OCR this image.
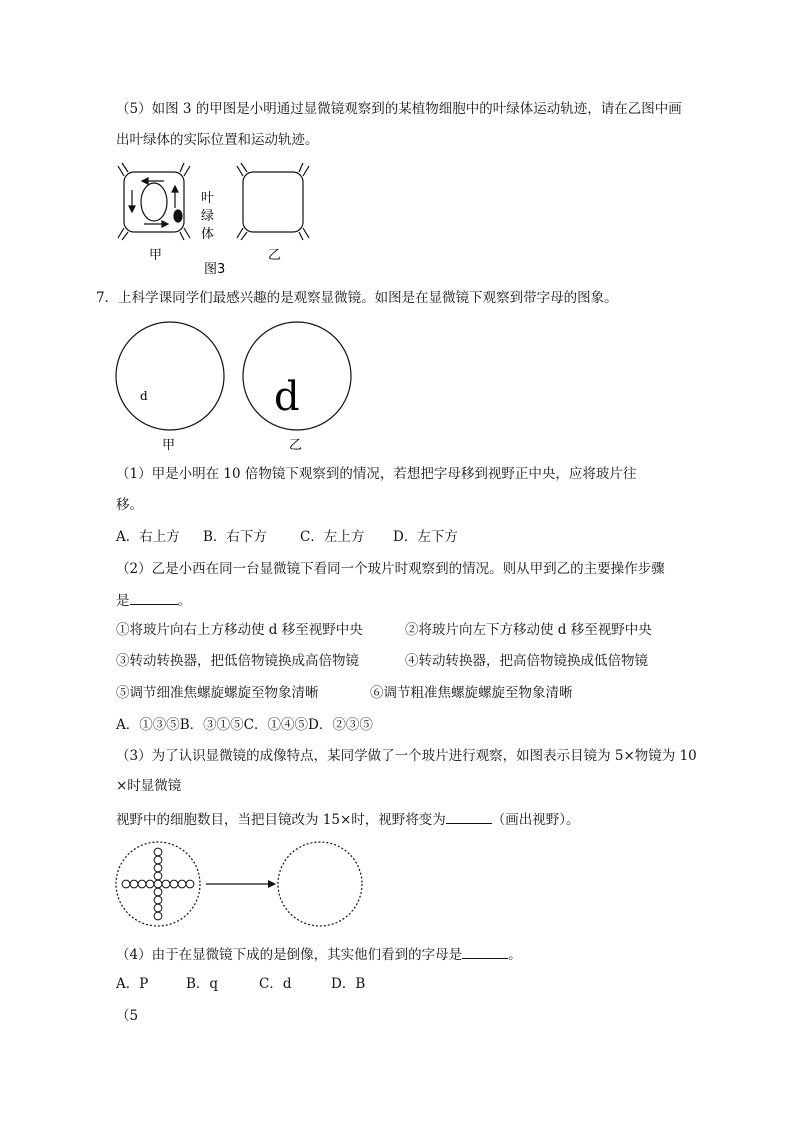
（5）如图 3 的甲图是小明通过显微镜观察到的某植物细胞中的叶绿体运动轨迹，请在乙图中画
出叶绿体的实际位置和运动轨迹。
叶
绿
体
甲	乙
图3
7．上科学课同学们最感兴趣的是观察显微镜。如图是在显微镜下观察到带字母的图象。
d	d
甲	乙
（1）甲是小明在 10 倍物镜下观察到的情况，若想把字母移到视野正中央，应将玻片往
移。
A．右上方 B．右下方 C．左上方 D．左下方
（2）乙是小西在同一台显微镜下看同一个玻片时观察到的情况。则从甲到乙的主要操作步骤
是	。
①将玻片向右上方移动使 d 移至视野中央	②将玻片向左下方移动使 d 移至视野中央
③转动转换器，把低倍物镜换成高倍物镜	④转动转换器，把高倍物镜换成低倍物镜
⑤调节细准焦螺旋螺旋至物象清晰	⑥调节粗准焦螺旋螺旋至物象清晰
A．①③⑤B．③①⑤C．①④⑤D．②③⑤
（3）为了认识显微镜的成像特点，某同学做了一个玻片进行观察，如图表示目镜为 5×物镜为 10
×时显微镜
视野中的细胞数目，当把目镜改为 15×时，视野将变为	（画出视野）。
（4）由于在显微镜下成的是倒像，其实他们看到的字母是	。
A．P	B．q	C．d	D．B
（5
